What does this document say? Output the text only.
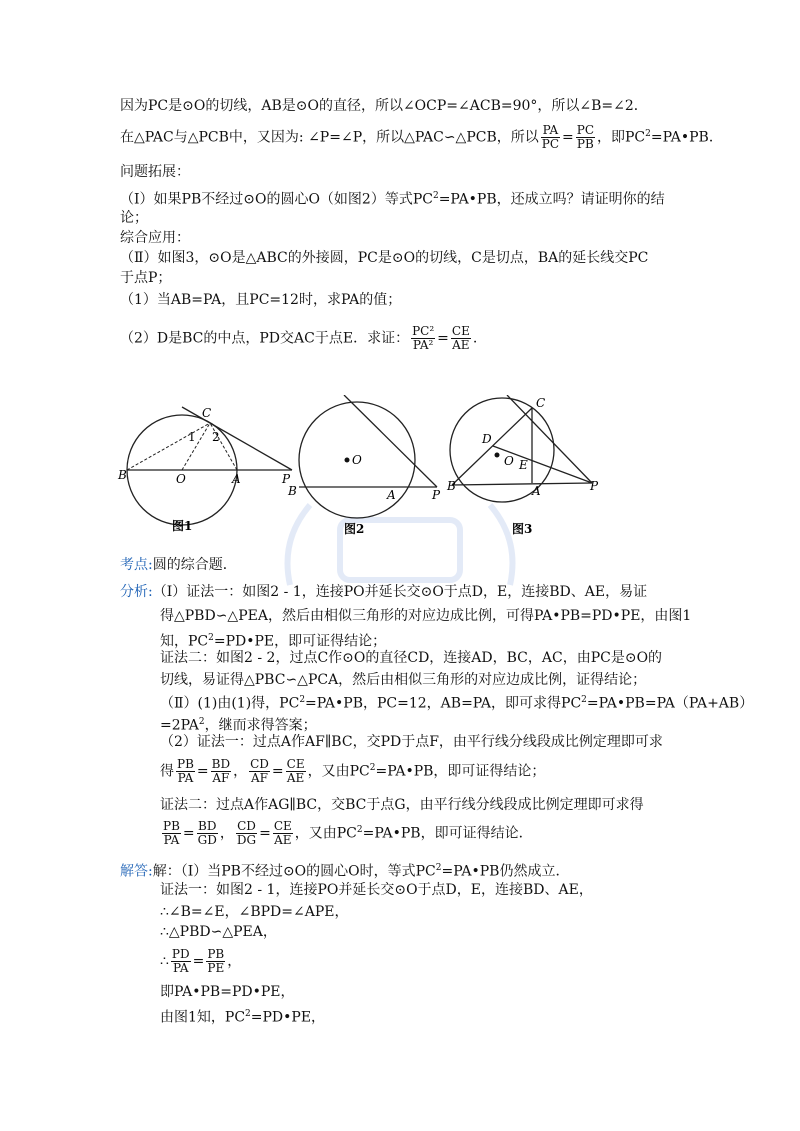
因为PC是⊙O的切线，AB是⊙O的直径，所以∠OCP=∠ACB=90°，所以∠B=∠2．
在△PAC与△PCB中，又因为: ∠P=∠P，所以△PAC∽△PCB，所以 $\frac{PA}{PC} = \frac{PC}{PB}$ ，即$PC^2=PA•PB$．
问题拓展：
（Ⅰ）如果PB不经过⊙O的圆心O（如图2）等式$PC^2=PA•PB$，还成立吗？请证明你的结
论；
综合应用：
（Ⅱ）如图3，⊙O是△ABC的外接圆，PC是⊙O的切线，C是切点，BA的延长线交PC
于点P；
（1）当AB=PA，且PC=12时，求PA的值；
（2）D是BC的中点，PD交AC于点E．求证： $\frac{\text{PC²}}{\text{PA²}} = \frac{CE}{AE}$ .
C
1 2
B	O	A	P
图1
O
B	A	P
图2
C
D
O E
B	A	P
图3
考点:圆的综合题．
分析:（Ⅰ）证法一：如图2 - 1，连接PO并延长交⊙O于点D，E，连接BD、AE，易证
得△PBD∽△PEA，然后由相似三角形的对应边成比例，可得PA•PB=PD•PE，由图1
知，$PC^2=PD•PE$，即可证得结论；
证法二：如图2 - 2，过点C作⊙O的直径CD，连接AD，BC，AC，由PC是⊙O的
切线，易证得△PBC∽△PCA，然后由相似三角形的对应边成比例，证得结论；
（Ⅱ）(1)由(1)得，$PC^2=PA•PB$，PC=12，AB=PA，即可求得$PC^2=PA•PB=PA(PA+AB)$
$=2PA^2$，继而求得答案；
（2）证法一：过点A作AF∥BC，交PD于点F，由平行线分线段成比例定理即可求
得 $\frac{PB}{PA} = \frac{BD}{AF}$ ， $\frac{CD}{AF} = \frac{CE}{AE}$ ，又由$PC^2=PA•PB$，即可证得结论；
证法二：过点A作AG∥BC，交BC于点G，由平行线分线段成比例定理即可求得
$\frac{PB}{PA} = \frac{BD}{GD}$ ， $\frac{CD}{DG} = \frac{CE}{AE}$ ，又由$PC^2=PA•PB$，即可证得结论．
解答:解：（Ⅰ）当PB不经过⊙O的圆心O时，等式$PC^2=PA•PB$仍然成立．
证法一：如图2 - 1，连接PO并延长交⊙O于点D，E，连接BD、AE，
∴∠B=∠E，∠BPD=∠APE，
∴△PBD∽△PEA，
∴ $\frac{PD}{PA} = \frac{PB}{PE}$ ，
即PA•PB=PD•PE，
由图1知，$PC^2=PD•PE$，
